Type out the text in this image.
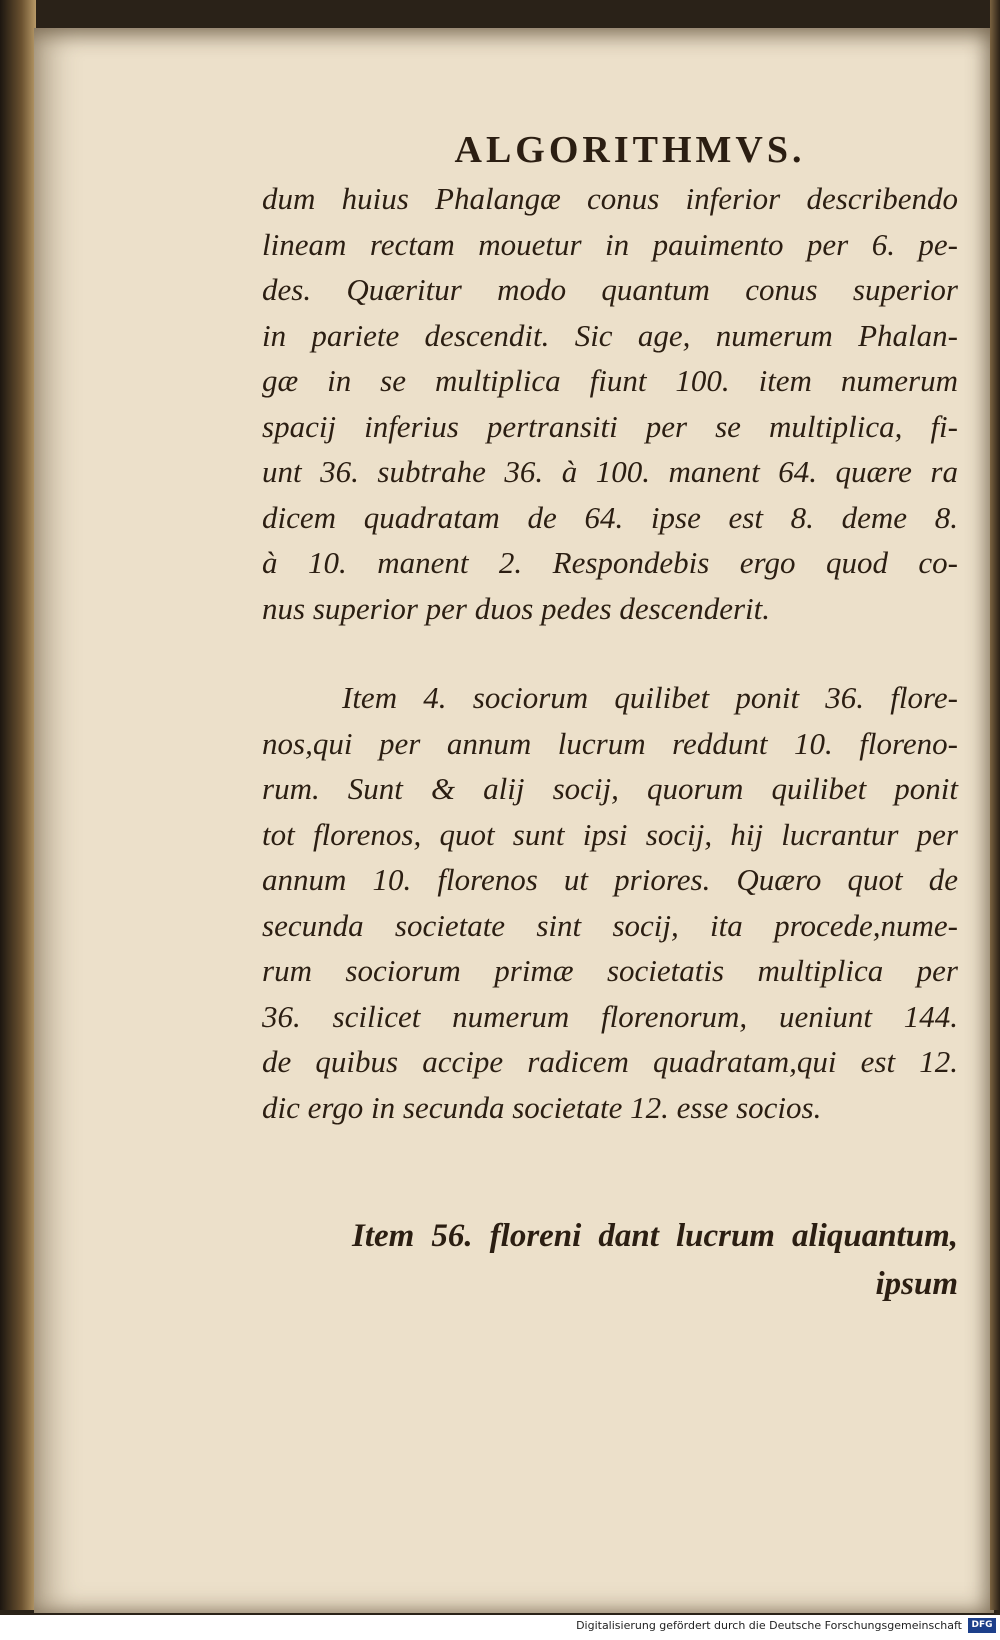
ALGORITHMVS.
dum huius Phalangæ conus inferior describendo
lineam rectam mouetur in pauimento per 6. pe-
des. Quæritur modo quantum conus superior
in pariete descendit. Sic age, numerum Phalan-
gæ in se multiplica fiunt 100. item numerum
spacij inferius pertransiti per se multiplica, fi-
unt 36. subtrahe 36. à 100. manent 64. quære ra
dicem quadratam de 64. ipse est 8. deme 8.
à 10. manent 2. Respondebis ergo quod co-
nus superior per duos pedes descenderit.
Item 4. sociorum quilibet ponit 36. flore-
nos,qui per annum lucrum reddunt 10. floreno-
rum. Sunt & alij socij, quorum quilibet ponit
tot florenos, quot sunt ipsi socij, hij lucrantur per
annum 10. florenos ut priores. Quæro quot de
secunda societate sint socij, ita procede,nume-
rum sociorum primæ societatis multiplica per
36. scilicet numerum florenorum, ueniunt 144.
de quibus accipe radicem quadratam,qui est 12.
dic ergo in secunda societate 12. esse socios.
Item 56. floreni dant lucrum aliquantum,
ipsum
Digitalisierung gefördert durch die Deutsche Forschungsgemeinschaft	DFG
